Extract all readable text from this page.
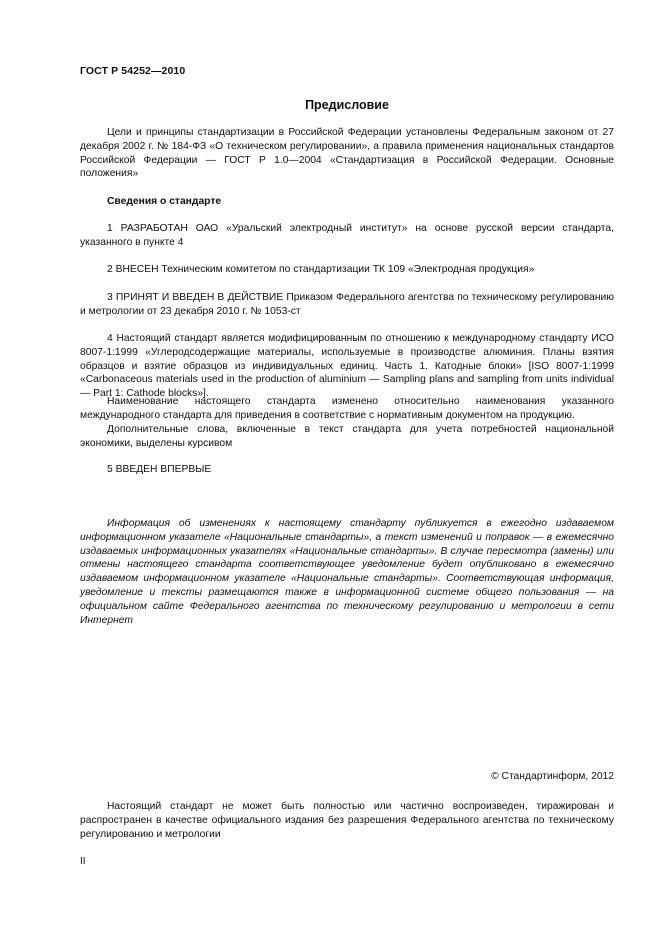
ГОСТ Р 54252—2010
Предисловие

Цели и принципы стандартизации в Российской Федерации установлены Федеральным законом от 27 декабря 2002 г. № 184-ФЗ «О техническом регулировании», а правила применения национальных стандартов Российской Федерации — ГОСТ Р 1.0—2004 «Стандартизация в Российской Федерации. Основные положения»

Сведения о стандарте

1 РАЗРАБОТАН ОАО «Уральский электродный институт» на основе русской версии стандарта, указанного в пункте 4

2 ВНЕСЕН Техническим комитетом по стандартизации ТК 109 «Электродная продукция»

3 ПРИНЯТ И ВВЕДЕН В ДЕЙСТВИЕ Приказом Федерального агентства по техническому регулированию и метрологии от 23 декабря 2010 г. № 1053-ст

4 Настоящий стандарт является модифицированным по отношению к международному стандарту ИСО 8007-1:1999 «Углеродсодержащие материалы, используемые в производстве алюминия. Планы взятия образцов и взятие образцов из индивидуальных единиц. Часть 1. Катодные блоки» [ISO 8007-1:1999 «Carbonaceous materials used in the production of aluminium — Sampling plans and sampling from units individual — Part 1: Cathode blocks»].

Наименование настоящего стандарта изменено относительно наименования указанного международного стандарта для приведения в соответствие с нормативным документом на продукцию.

Дополнительные слова, включенные в текст стандарта для учета потребностей национальной экономики, выделены курсивом

5 ВВЕДЕН ВПЕРВЫЕ

Информация об изменениях к настоящему стандарту публикуется в ежегодно издаваемом информационном указателе «Национальные стандарты», а текст изменений и поправок — в ежемесячно издаваемых информационных указателях «Национальные стандарты». В случае пересмотра (замены) или отмены настоящего стандарта соответствующее уведомление будет опубликовано в ежемесячно издаваемом информационном указателе «Национальные стандарты». Соответствующая информация, уведомление и тексты размещаются также в информационной системе общего пользования — на официальном сайте Федерального агентства по техническому регулированию и метрологии в сети Интернет

© Стандартинформ, 2012

Настоящий стандарт не может быть полностью или частично воспроизведен, тиражирован и распространен в качестве официального издания без разрешения Федерального агентства по техническому регулированию и метрологии

II
